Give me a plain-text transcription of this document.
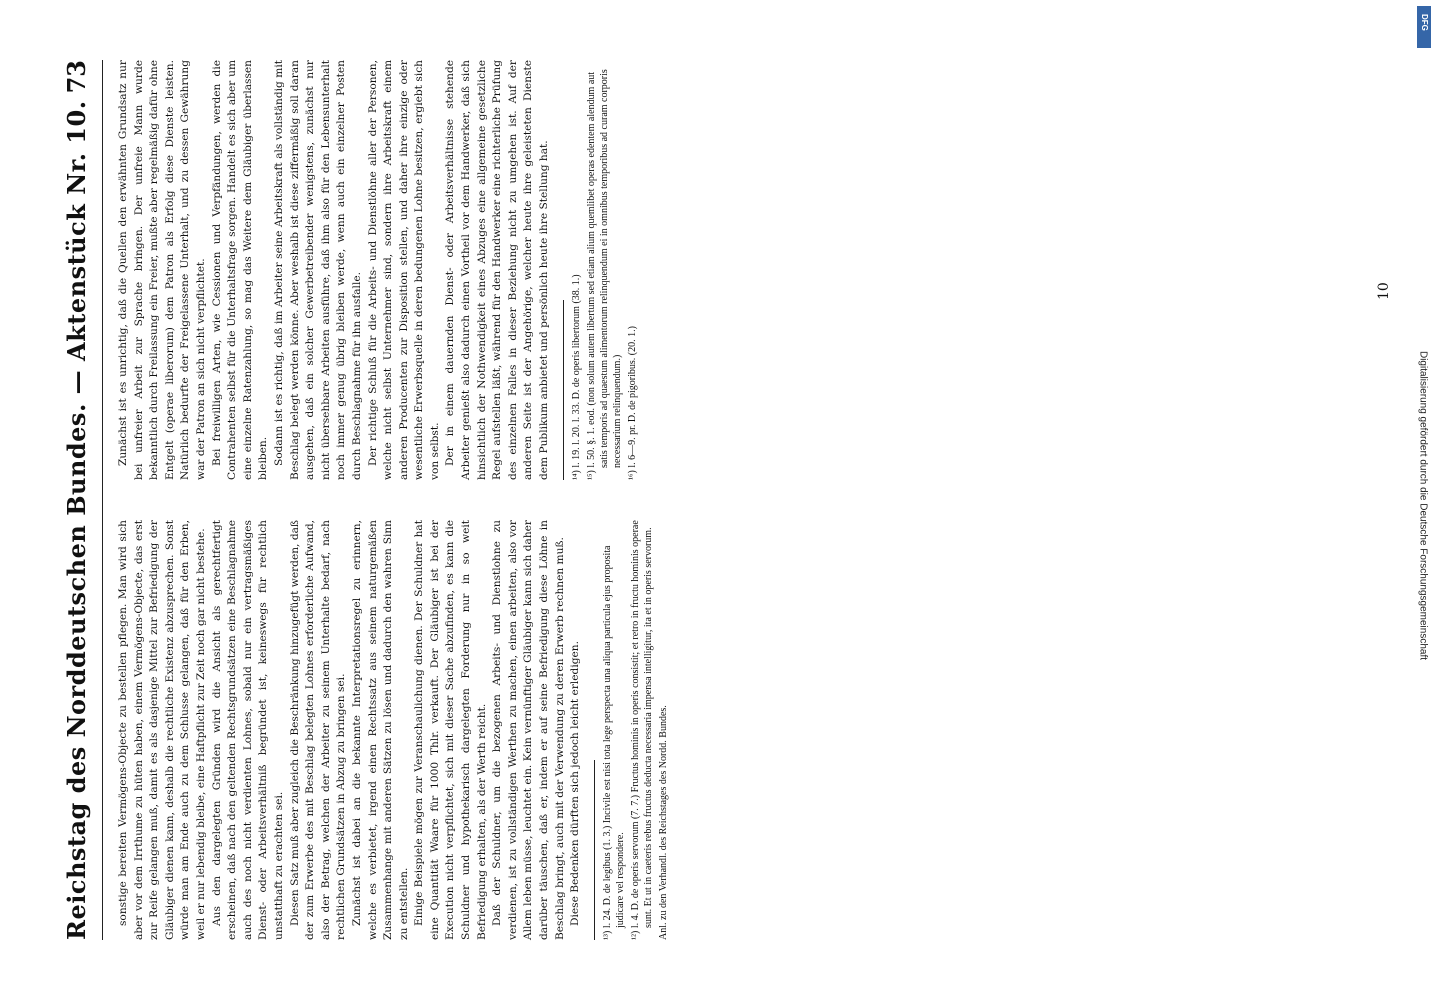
Reichstag des Norddeutschen Bundes. — Aktenstück Nr. 10.
73

sonstige bereiten Vermögens-Objecte zu bestellen pflegen. Man wird sich aber vor dem Irrthume zu hüten haben, einem Vermögens-Objecte, das erst zur Reife gelangen muß, damit es als dasjenige Mittel zur Befriedigung der Gläubiger dienen kann, deshalb die rechtliche Existenz abzusprechen. Sonst würde man am Ende auch zu dem Schlusse gelangen, daß für den Erben, weil er nur lebendig bleibe, eine Haftpflicht zur Zeit noch gar nicht bestehe. Aus den dargelegten Gründen wird die Ansicht als gerechtfertigt erscheinen, daß nach den geltenden Rechtsgrundsätzen eine Beschlagnahme auch des noch nicht verdienten Lohnes, sobald nur ein vertragsmäßiges Dienst- oder Arbeitsverhältniß begründet ist, keineswegs für rechtlich unstatthaft zu erachten sei. Diesen Satz muß aber zugleich die Beschränkung hinzugefügt werden, daß der zum Erwerbe des mit Beschlag belegten Lohnes erforderliche Aufwand, also der Betrag, welchen der Arbeiter zu seinem Unterhalte bedarf, nach rechtlichen Grundsätzen in Abzug zu bringen sei. Zunächst ist dabei an die bekannte Interpretationsregel zu erinnern, welche es verbietet, irgend einen Rechtssatz aus seinem naturgemäßen Zusammenhange mit anderen Sätzen zu lösen und dadurch den wahren Sinn zu entstellen. Einige Beispiele mögen zur Veranschaulichung dienen. Der Schuldner hat eine Quantität Waare für 1000 Thlr. verkauft. Der Gläubiger ist bei der Execution nicht verpflichtet, sich mit dieser Sache abzufinden, es kann die Schuldner und hypothekarisch dargelegten Forderung nur in so weit Befriedigung erhalten, als der Werth reicht. Daß der Schuldner, um die bezogenen Arbeits- und Dienstlohne zu verdienen, ist zu vollständigen Werthen zu machen, einen arbeiten, also vor Allem leben müsse, leuchtet ein. Kein vernünftiger Gläubiger kann sich daher darüber täuschen, daß er, indem er auf seine Befriedigung diese Löhne in Beschlag bringt, auch mit der Verwendung zu deren Erwerb rechnen muß. Diese Bedenken dürften sich jedoch leicht erledigen. ¹³) l. 24. D. de legibus (1. 3.) Incivile est nisi tota lege perspecta una aliqua particula ejus proposita judicare vel respondere. ¹²) l. 4. D. de operis servorum (7. 7.) Fructus hominis in operis consistit; et retro in fructu hominis operae sunt. Et ut in caeteris rebus fructus deducta necessaria impensa intelligitur, ita et in operis servorum. Anl. zu den Verhandl. des Reichstages des Nordd. Bundes.

Zunächst ist es unrichtig, daß die Quellen den erwähnten Grundsatz nur bei unfreier Arbeit zur Sprache bringen. Der unfreie Mann wurde bekanntlich durch Freilassung ein Freier, mußte aber regelmäßig dafür ohne Entgelt (operae liberorum) dem Patron als Erfolg diese Dienste leisten. Natürlich bedurfte der Freigelassene Unterhalt, und zu dessen Gewährung war der Patron an sich nicht verpflichtet. Bei freiwilligen Arten, wie Cessionen und Verpfändungen, werden die Contrahenten selbst für die Unterhaltsfrage sorgen. Handelt es sich aber um eine einzelne Ratenzahlung, so mag das Weitere dem Gläubiger überlassen bleiben. Sodann ist es richtig, daß im Arbeiter seine Arbeitskraft als vollständig mit Beschlag belegt werden könne. Aber weshalb ist diese ziffermäßig soll daran ausgehen, daß ein solcher Gewerbetreibender wenigstens, zunächst nur nicht übersehbare Arbeiten ausführe, daß ihm also für den Lebensunterhalt noch immer genug übrig bleiben werde, wenn auch ein einzelner Posten durch Beschlagnahme für ihn ausfalle. Der richtige Schluß für die Arbeits- und Dienstlöhne aller der Personen, welche nicht selbst Unternehmer sind, sondern ihre Arbeitskraft einem anderen Producenten zur Disposition stellen, und daher ihre einzige oder wesentliche Erwerbsquelle in deren bedungenen Lohne besitzen, ergiebt sich von selbst. Der in einem dauernden Dienst- oder Arbeitsverhältnisse stehende Arbeiter genießt also dadurch einen Vortheil vor dem Handwerker, daß sich hinsichtlich der Nothwendigkeit eines Abzuges eine allgemeine gesetzliche Regel aufstellen läßt, während für den Handwerker eine richterliche Prüfung des einzelnen Falles in dieser Beziehung nicht zu umgehen ist. Auf der anderen Seite ist der Angehörige, welcher heute ihre geleisteten Dienste dem Publikum anbietet und persönlich heute ihre Stellung hat. ¹⁴) l. 19. l. 20. l. 33. D. de operis libertorum (38. 1.) ¹⁵) l. 50. §. 1. eod. (non solum autem libertum sed etiam alium quemlibet operas edentem alendum aut satis temporis ad quaestum alimentorum relinquendum ei in omnibus temporibus ad curam corporis necessarium relinquendum.) ¹⁶) l. 6—9. pr. D. de pigoribus. (20. 1.)
10
DFG
Digitalisierung gefördert durch die Deutsche Forschungsgemeinschaft
